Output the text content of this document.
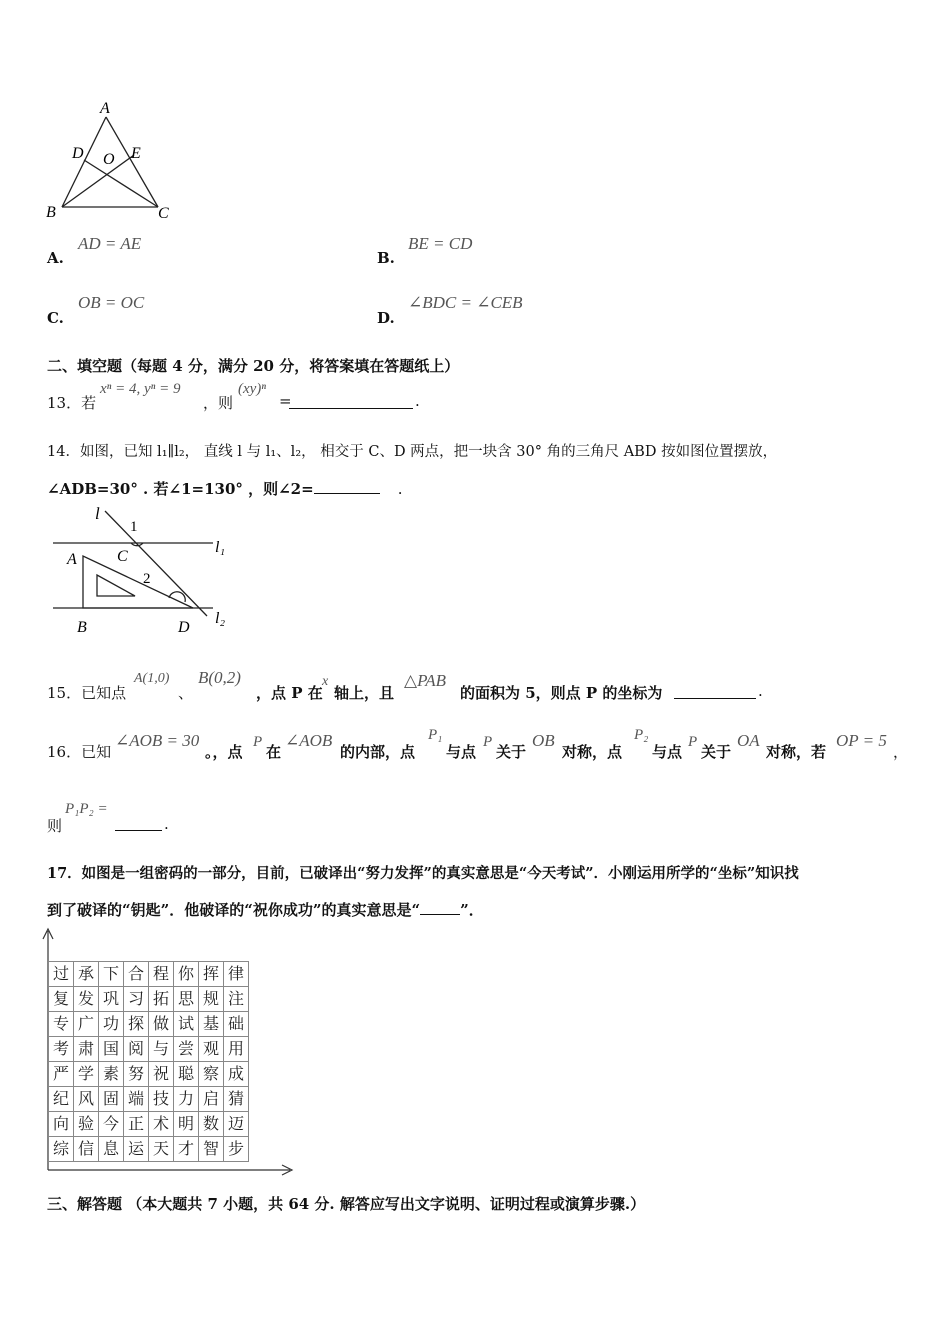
A
D O E
B	C
A.
AD = AE
B.
BE = CD
C.
OB = OC
D.
∠BDC = ∠CEB
二、填空题（每题 4 分，满分 20 分，将答案填在答题纸上）
13．若
xⁿ = 4, yⁿ = 9
，则
(xy)ⁿ
=	.
14．如图，已知 l₁∥l₂， 直线 l 与 l₁、l₂， 相交于 C、D 两点，把一块含 30° 角的三角尺 ABD 按如图位置摆放，
∠ADB=30° . 若∠1=130° ，则∠2=	.
l
1
C
2
A
B	D
l₁
l₂
15．已知点
A(1,0)
、
B(0,2)
，点 P 在
x
轴上，且
△PAB
的面积为 5，则点 P 的坐标为	.
16．已知
∠AOB = 30
。，点
P
在
∠AOB
的内部，点
P₁
与点
P
关于
OB
对称，点
P₂
与点
P
关于
OA
对称，若
OP = 5
，
则
P₁P₂ =
.
17．如图是一组密码的一部分，目前，已破译出“努力发挥”的真实意思是“今天考试”．小刚运用所学的“坐标”知识找
到了破译的“钥匙”．他破译的“祝你成功”的真实意思是“	”．
过	承	下	合	程	你	挥	律
复	发	巩	习	拓	思	规	注
专	广	功	探	做	试	基	础
考	肃	国	阅	与	尝	观	用
严	学	素	努	祝	聪	察	成
纪	风	固	端	技	力	启	猜
向	验	今	正	术	明	数	迈
综	信	息	运	天	才	智	步
三、解答题 （本大题共 7 小题，共 64 分. 解答应写出文字说明、证明过程或演算步骤.）
